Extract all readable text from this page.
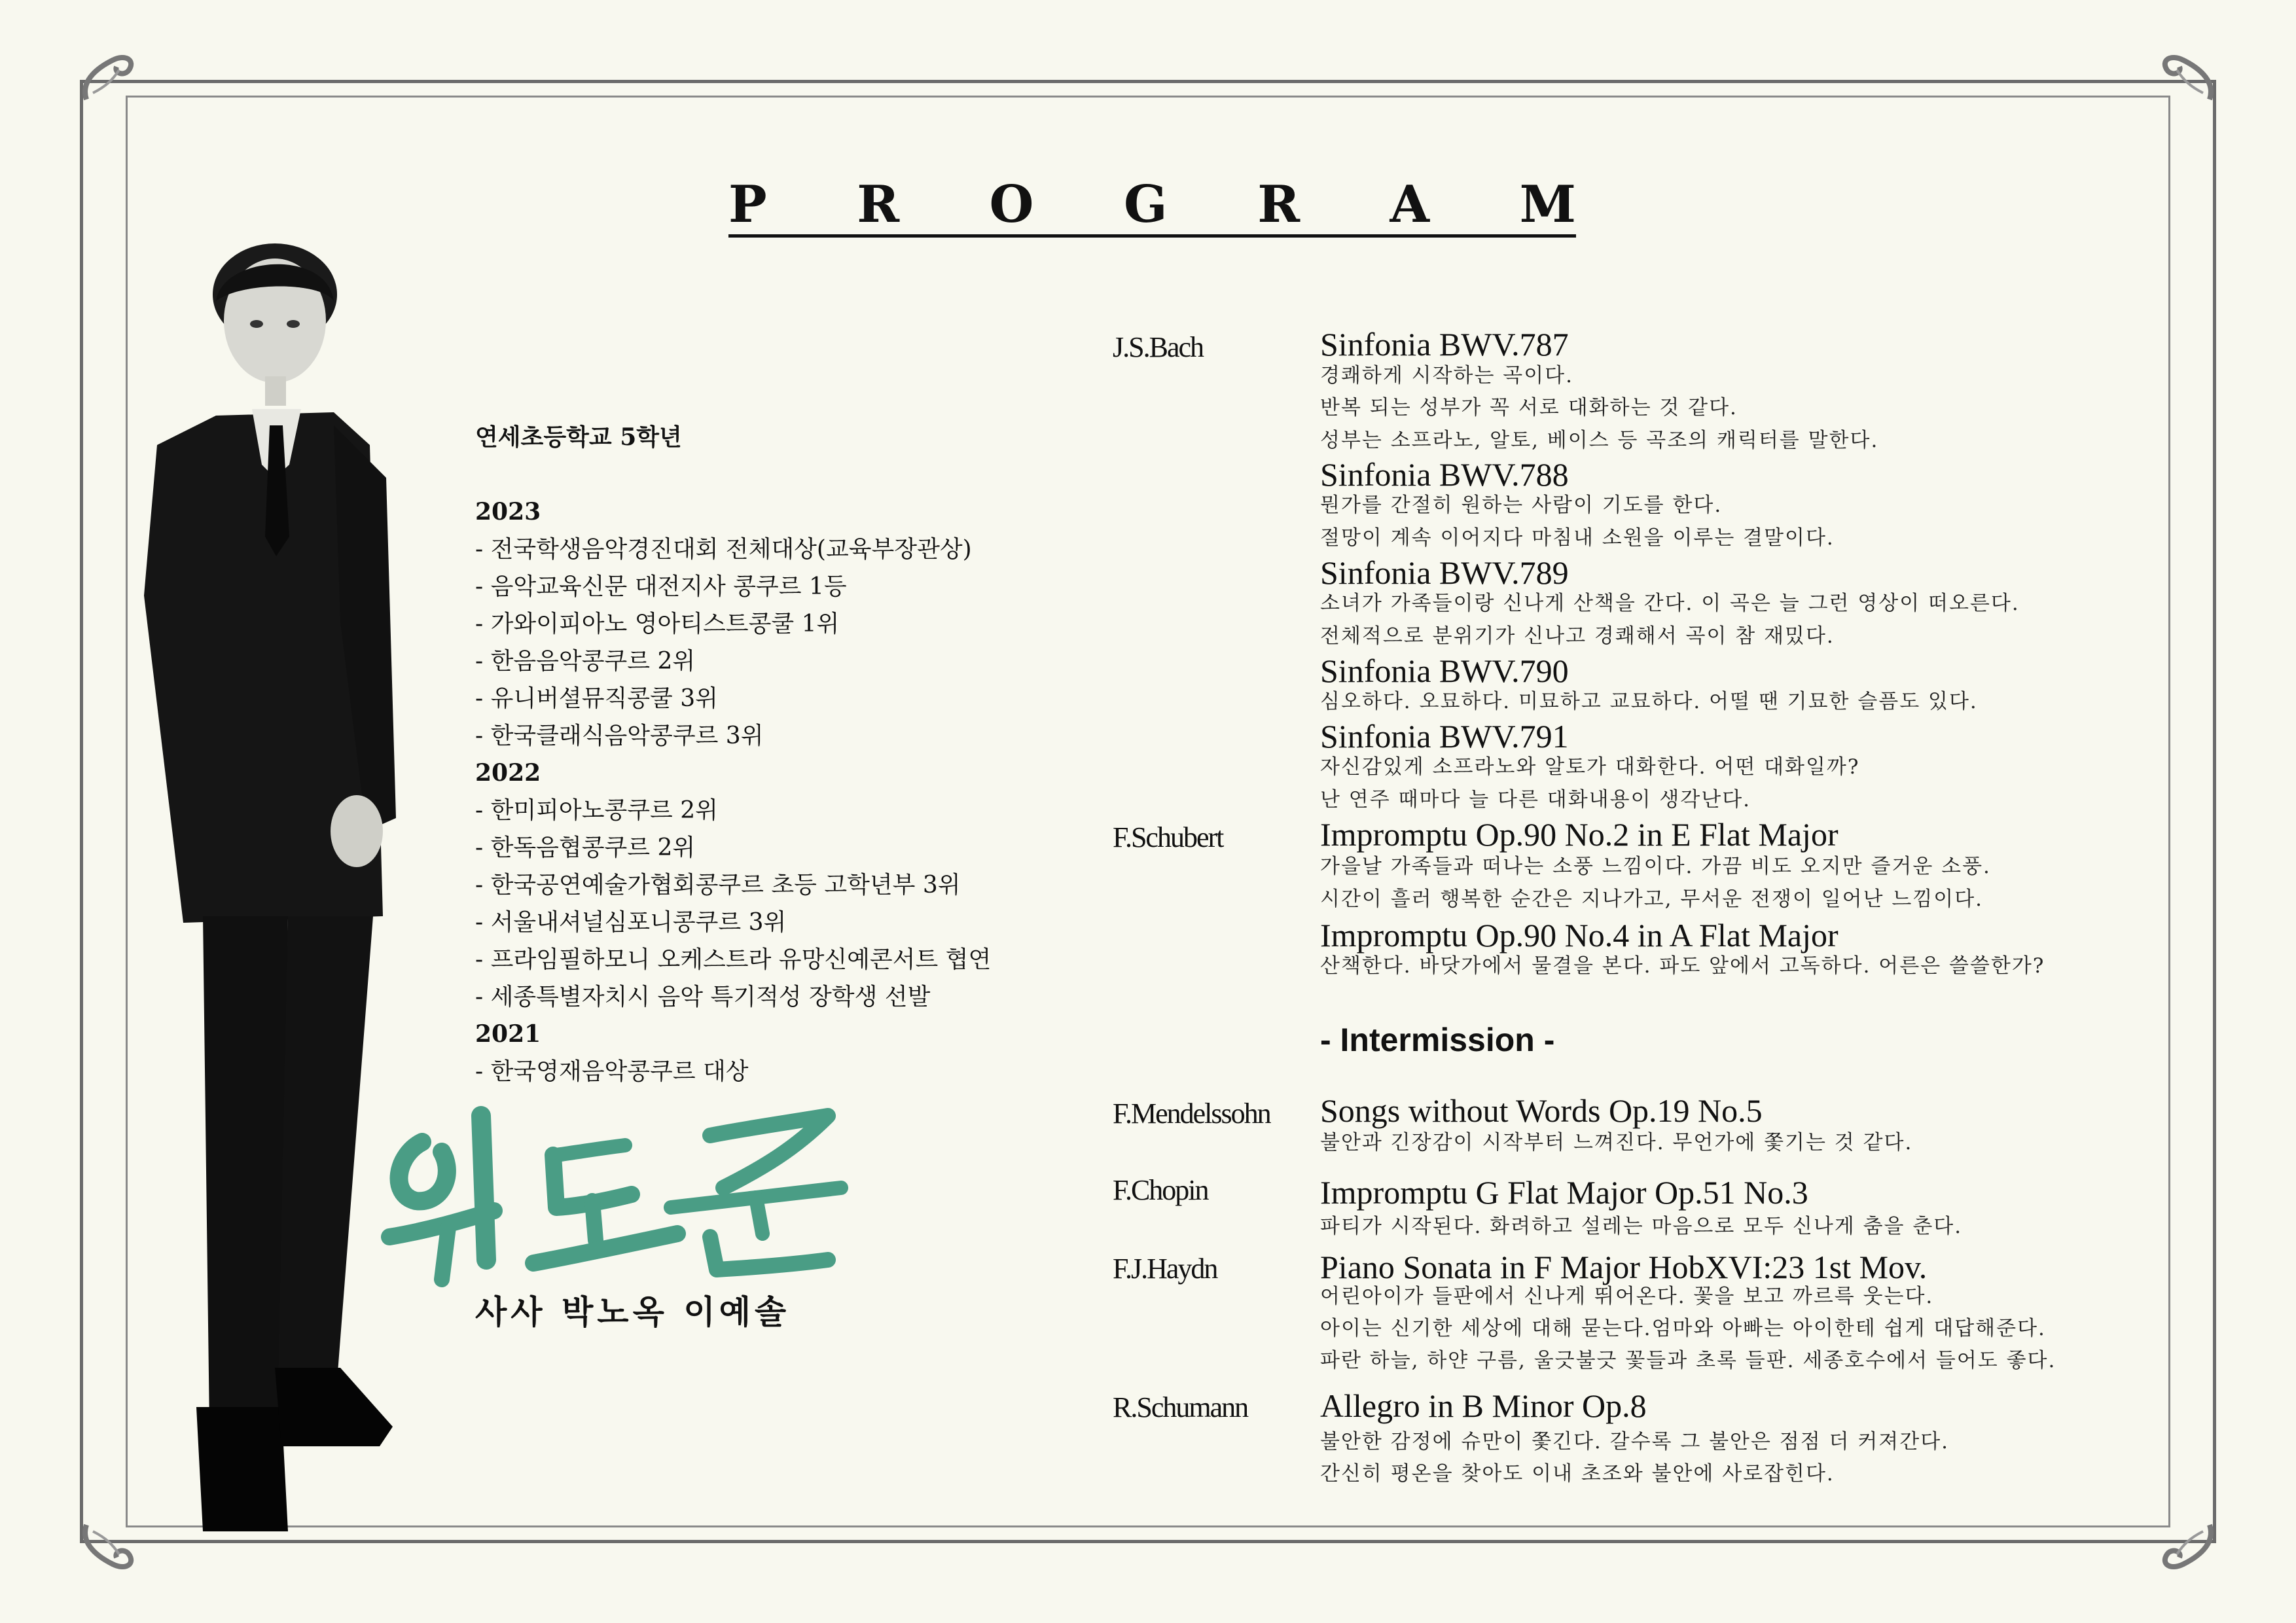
P R O G R A M
연세초등학교 5학년
2023
- 전국학생음악경진대회 전체대상(교육부장관상)
- 음악교육신문 대전지사 콩쿠르 1등
- 가와이피아노 영아티스트콩쿨 1위
- 한음음악콩쿠르 2위
- 유니버셜뮤직콩쿨 3위
- 한국클래식음악콩쿠르 3위
2022
- 한미피아노콩쿠르 2위
- 한독음협콩쿠르 2위
- 한국공연예술가협회콩쿠르 초등 고학년부 3위
- 서울내셔널심포니콩쿠르 3위
- 프라임필하모니 오케스트라 유망신예콘서트 협연
- 세종특별자치시 음악 특기적성 장학생 선발
2021
- 한국영재음악콩쿠르 대상
사사 박노옥 이예솔
J.S.Bach	Sinfonia BWV.787
경쾌하게 시작하는 곡이다.
반복 되는 성부가 꼭 서로 대화하는 것 같다.
성부는 소프라노, 알토, 베이스 등 곡조의 캐릭터를 말한다.
Sinfonia BWV.788
뭔가를 간절히 원하는 사람이 기도를 한다.
절망이 계속 이어지다 마침내 소원을 이루는 결말이다.
Sinfonia BWV.789
소녀가 가족들이랑 신나게 산책을 간다. 이 곡은 늘 그런 영상이 떠오른다.
전체적으로 분위기가 신나고 경쾌해서 곡이 참 재밌다.
Sinfonia BWV.790
심오하다. 오묘하다. 미묘하고 교묘하다. 어떨 땐 기묘한 슬픔도 있다.
Sinfonia BWV.791
자신감있게 소프라노와 알토가 대화한다. 어떤 대화일까?
난 연주 때마다 늘 다른 대화내용이 생각난다.
F.Schubert	Impromptu Op.90 No.2 in E Flat Major
가을날 가족들과 떠나는 소풍 느낌이다. 가끔 비도 오지만 즐거운 소풍.
시간이 흘러 행복한 순간은 지나가고, 무서운 전쟁이 일어난 느낌이다.
Impromptu Op.90 No.4 in A Flat Major
산책한다. 바닷가에서 물결을 본다. 파도 앞에서 고독하다. 어른은 쓸쓸한가?
- Intermission -
F.Mendelssohn Songs without Words Op.19 No.5
불안과 긴장감이 시작부터 느껴진다. 무언가에 쫓기는 것 같다.
F.Chopin	Impromptu G Flat Major Op.51 No.3
파티가 시작된다. 화려하고 설레는 마음으로 모두 신나게 춤을 춘다.
F.J.Haydn	Piano Sonata in F Major HobXVI:23 1st Mov.
어린아이가 들판에서 신나게 뛰어온다. 꽃을 보고 까르륵 웃는다.
아이는 신기한 세상에 대해 묻는다.엄마와 아빠는 아이한테 쉽게 대답해준다.
파란 하늘, 하얀 구름, 울긋불긋 꽃들과 초록 들판. 세종호수에서 들어도 좋다.
R.Schumann Allegro in B Minor Op.8
불안한 감정에 슈만이 쫓긴다. 갈수록 그 불안은 점점 더 커져간다.
간신히 평온을 찾아도 이내 초조와 불안에 사로잡힌다.
